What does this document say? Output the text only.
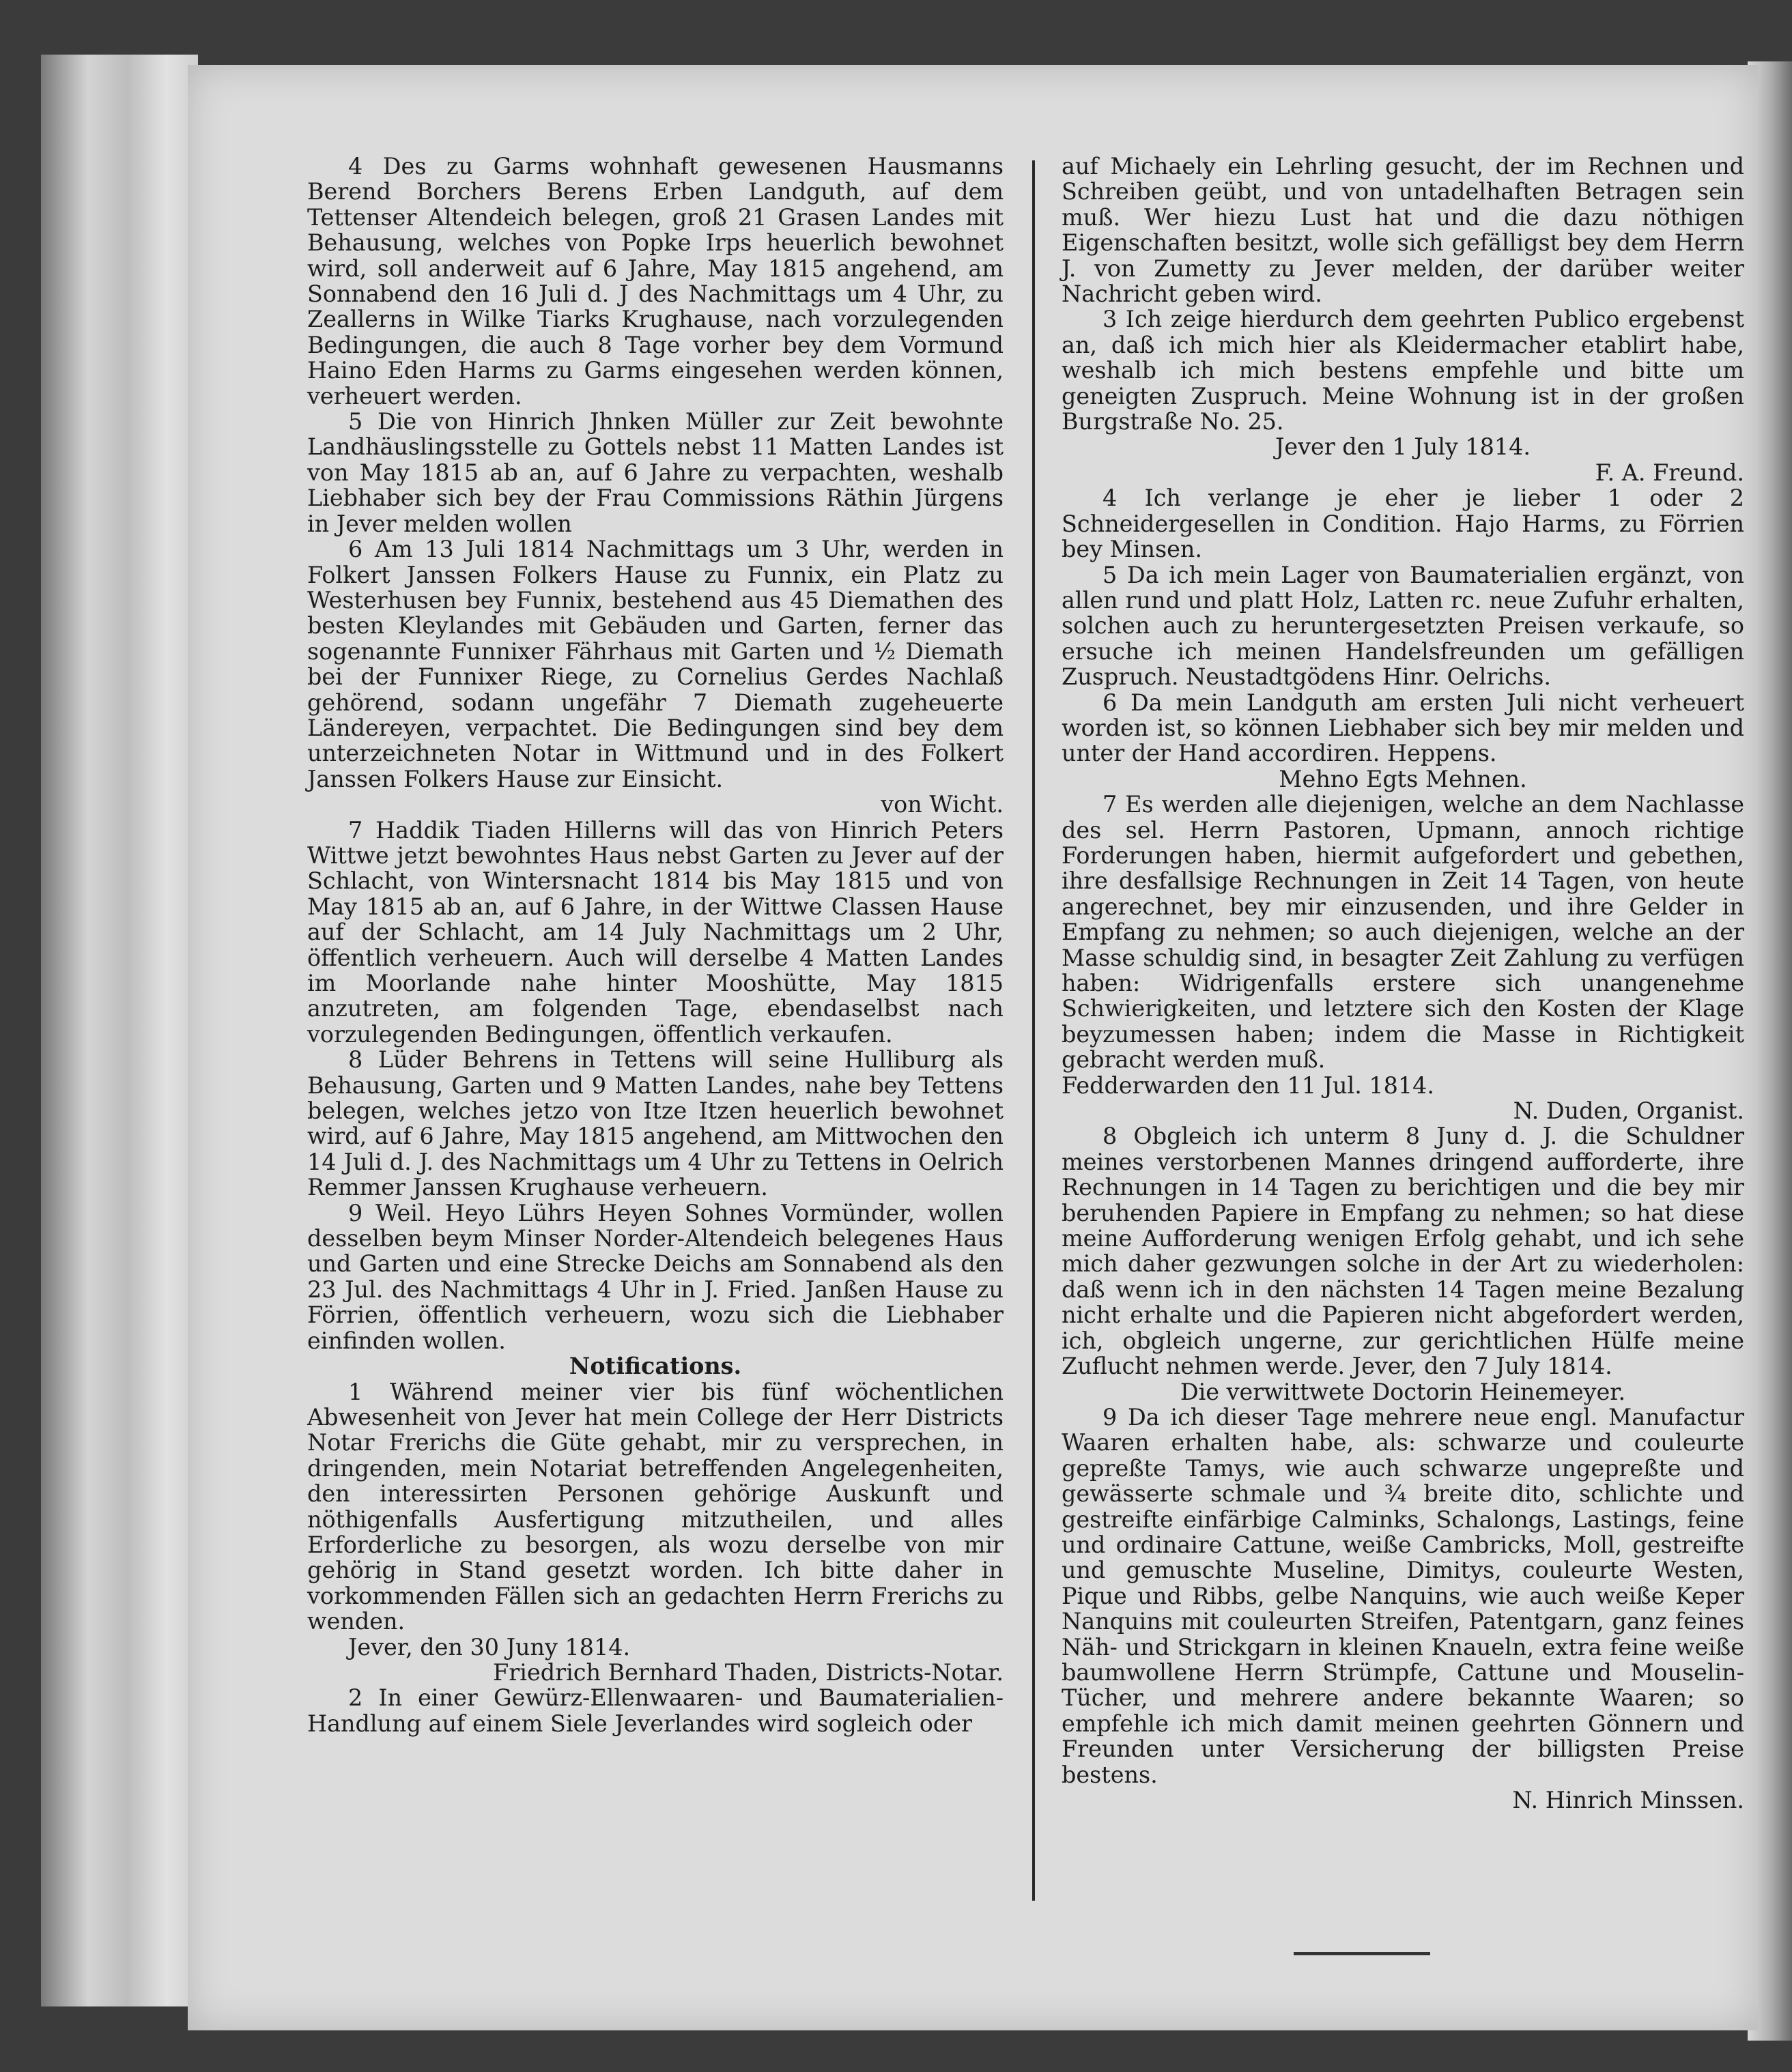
4 Des zu Garms wohnhaft gewesenen Hausmanns Berend Borchers Berens Erben Landguth, auf dem Tettenser Altendeich belegen, groß 21 Grasen Landes mit Behausung, welches von Popke Irps heuerlich bewohnet wird, soll anderweit auf 6 Jahre, May 1815 angehend, am Sonnabend den 16 Juli d. J des Nachmittags um 4 Uhr, zu Zeallerns in Wilke Tiarks Krughause, nach vorzulegenden Bedingungen, die auch 8 Tage vorher bey dem Vormund Haino Eden Harms zu Garms eingesehen werden können, verheuert werden.

5 Die von Hinrich Jhnken Müller zur Zeit bewohnte Landhäuslingsstelle zu Gottels nebst 11 Matten Landes ist von May 1815 ab an, auf 6 Jahre zu verpachten, weshalb Liebhaber sich bey der Frau Commissions Räthin Jürgens in Jever melden wollen

6 Am 13 Juli 1814 Nachmittags um 3 Uhr, werden in Folkert Janssen Folkers Hause zu Funnix, ein Platz zu Westerhusen bey Funnix, bestehend aus 45 Diemathen des besten Kleylandes mit Gebäuden und Garten, ferner das sogenannte Funnixer Fährhaus mit Garten und ½ Diemath bei der Funnixer Riege, zu Cornelius Gerdes Nachlaß gehörend, sodann ungefähr 7 Diemath zugeheuerte Ländereyen, verpachtet. Die Bedingungen sind bey dem unterzeichneten Notar in Wittmund und in des Folkert Janssen Folkers Hause zur Einsicht.

von Wicht.

7 Haddik Tiaden Hillerns will das von Hinrich Peters Wittwe jetzt bewohntes Haus nebst Garten zu Jever auf der Schlacht, von Wintersnacht 1814 bis May 1815 und von May 1815 ab an, auf 6 Jahre, in der Wittwe Classen Hause auf der Schlacht, am 14 July Nachmittags um 2 Uhr, öffentlich verheuern. Auch will derselbe 4 Matten Landes im Moorlande nahe hinter Mooshütte, May 1815 anzutreten, am folgenden Tage, ebendaselbst nach vorzulegenden Bedingungen, öffentlich verkaufen.

8 Lüder Behrens in Tettens will seine Hulliburg als Behausung, Garten und 9 Matten Landes, nahe bey Tettens belegen, welches jetzo von Itze Itzen heuerlich bewohnet wird, auf 6 Jahre, May 1815 angehend, am Mittwochen den 14 Juli d. J. des Nachmittags um 4 Uhr zu Tettens in Oelrich Remmer Janssen Krughause verheuern.

9 Weil. Heyo Lührs Heyen Sohnes Vormünder, wollen desselben beym Minser Norder-Altendeich belegenes Haus und Garten und eine Strecke Deichs am Sonnabend als den 23 Jul. des Nachmittags 4 Uhr in J. Fried. Janßen Hause zu Förrien, öffentlich verheuern, wozu sich die Liebhaber einfinden wollen.

Notifications.

1 Während meiner vier bis fünf wöchentlichen Abwesenheit von Jever hat mein College der Herr Districts Notar Frerichs die Güte gehabt, mir zu versprechen, in dringenden, mein Notariat betreffenden Angelegenheiten, den interessirten Personen gehörige Auskunft und nöthigenfalls Ausfertigung mitzutheilen, und alles Erforderliche zu besorgen, als wozu derselbe von mir gehörig in Stand gesetzt worden. Ich bitte daher in vorkommenden Fällen sich an gedachten Herrn Frerichs zu wenden.

Jever, den 30 Juny 1814.

Friedrich Bernhard Thaden, Districts-Notar.

2 In einer Gewürz-Ellenwaaren- und Baumaterialien-Handlung auf einem Siele Jeverlandes wird sogleich oder

auf Michaely ein Lehrling gesucht, der im Rechnen und Schreiben geübt, und von untadelhaften Betragen sein muß. Wer hiezu Lust hat und die dazu nöthigen Eigenschaften besitzt, wolle sich gefälligst bey dem Herrn J. von Zumetty zu Jever melden, der darüber weiter Nachricht geben wird.

3 Ich zeige hierdurch dem geehrten Publico ergebenst an, daß ich mich hier als Kleidermacher etablirt habe, weshalb ich mich bestens empfehle und bitte um geneigten Zuspruch. Meine Wohnung ist in der großen Burgstraße No. 25.

Jever den 1 July 1814.

F. A. Freund.

4 Ich verlange je eher je lieber 1 oder 2 Schneidergesellen in Condition. Hajo Harms, zu Förrien bey Minsen.

5 Da ich mein Lager von Baumaterialien ergänzt, von allen rund und platt Holz, Latten rc. neue Zufuhr erhalten, solchen auch zu heruntergesetzten Preisen verkaufe, so ersuche ich meinen Handelsfreunden um gefälligen Zuspruch. Neustadtgödens Hinr. Oelrichs.

6 Da mein Landguth am ersten Juli nicht verheuert worden ist, so können Liebhaber sich bey mir melden und unter der Hand accordiren. Heppens.

Mehno Egts Mehnen.

7 Es werden alle diejenigen, welche an dem Nachlasse des sel. Herrn Pastoren, Upmann, annoch richtige Forderungen haben, hiermit aufgefordert und gebethen, ihre desfallsige Rechnungen in Zeit 14 Tagen, von heute angerechnet, bey mir einzusenden, und ihre Gelder in Empfang zu nehmen; so auch diejenigen, welche an der Masse schuldig sind, in besagter Zeit Zahlung zu verfügen haben: Widrigenfalls erstere sich unangenehme Schwierigkeiten, und letztere sich den Kosten der Klage beyzumessen haben; indem die Masse in Richtigkeit gebracht werden muß.

Fedderwarden den 11 Jul. 1814.

N. Duden, Organist.

8 Obgleich ich unterm 8 Juny d. J. die Schuldner meines verstorbenen Mannes dringend aufforderte, ihre Rechnungen in 14 Tagen zu berichtigen und die bey mir beruhenden Papiere in Empfang zu nehmen; so hat diese meine Aufforderung wenigen Erfolg gehabt, und ich sehe mich daher gezwungen solche in der Art zu wiederholen: daß wenn ich in den nächsten 14 Tagen meine Bezalung nicht erhalte und die Papieren nicht abgefordert werden, ich, obgleich ungerne, zur gerichtlichen Hülfe meine Zuflucht nehmen werde. Jever, den 7 July 1814.

Die verwittwete Doctorin Heinemeyer.

9 Da ich dieser Tage mehrere neue engl. Manufactur Waaren erhalten habe, als: schwarze und couleurte gepreßte Tamys, wie auch schwarze ungepreßte und gewässerte schmale und ¾ breite dito, schlichte und gestreifte einfärbige Calminks, Schalongs, Lastings, feine und ordinaire Cattune, weiße Cambricks, Moll, gestreifte und gemuschte Museline, Dimitys, couleurte Westen, Pique und Ribbs, gelbe Nanquins, wie auch weiße Keper Nanquins mit couleurten Streifen, Patentgarn, ganz feines Näh- und Strickgarn in kleinen Knaueln, extra feine weiße baumwollene Herrn Strümpfe, Cattune und Mouselin-Tücher, und mehrere andere bekannte Waaren; so empfehle ich mich damit meinen geehrten Gönnern und Freunden unter Versicherung der billigsten Preise bestens.

N. Hinrich Minssen.
